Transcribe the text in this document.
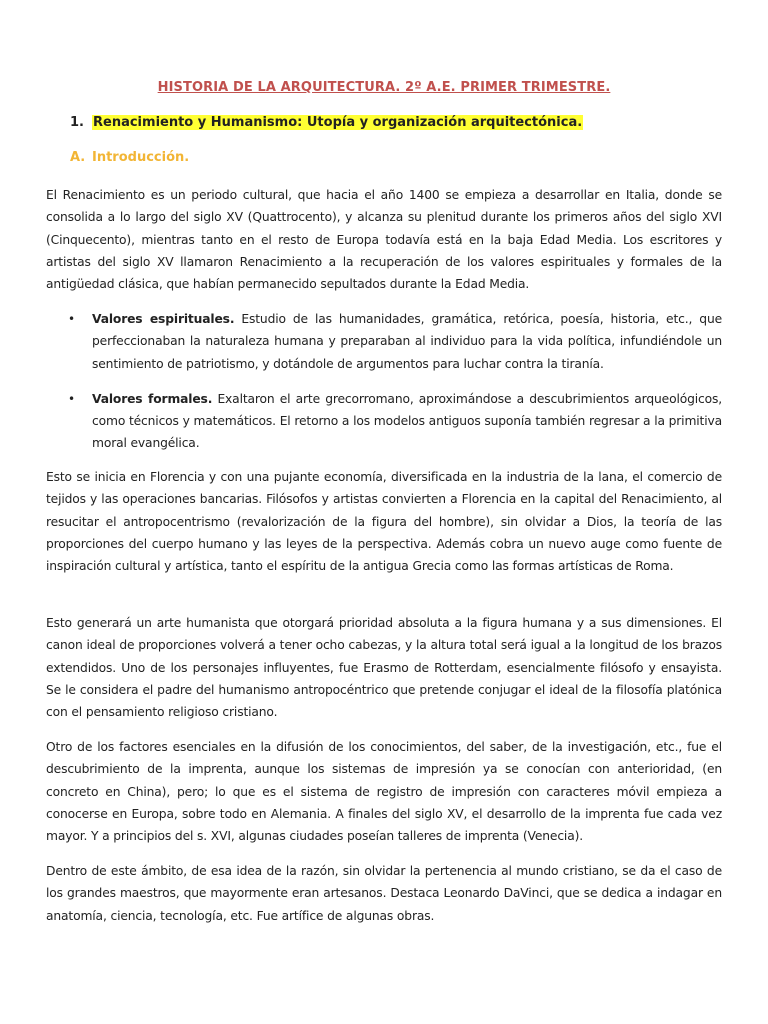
HISTORIA DE LA ARQUITECTURA. 2º A.E. PRIMER TRIMESTRE.
1. Renacimiento y Humanismo: Utopía y organización arquitectónica.
A. Introducción.

El Renacimiento es un periodo cultural, que hacia el año 1400 se empieza a desarrollar en Italia, donde se consolida a lo largo del siglo XV (Quattrocento), y alcanza su plenitud durante los primeros años del siglo XVI (Cinquecento), mientras tanto en el resto de Europa todavía está en la baja Edad Media. Los escritores y artistas del siglo XV llamaron Renacimiento a la recuperación de los valores espirituales y formales de la antigüedad clásica, que habían permanecido sepultados durante la Edad Media.

• Valores espirituales. Estudio de las humanidades, gramática, retórica, poesía, historia, etc., que perfeccionaban la naturaleza humana y preparaban al individuo para la vida política, infundiéndole un sentimiento de patriotismo, y dotándole de argumentos para luchar contra la tiranía.
• Valores formales. Exaltaron el arte grecorromano, aproximándose a descubrimientos arqueológicos, como técnicos y matemáticos. El retorno a los modelos antiguos suponía también regresar a la primitiva moral evangélica.

Esto se inicia en Florencia y con una pujante economía, diversificada en la industria de la lana, el comercio de tejidos y las operaciones bancarias. Filósofos y artistas convierten a Florencia en la capital del Renacimiento, al resucitar el antropocentrismo (revalorización de la figura del hombre), sin olvidar a Dios, la teoría de las proporciones del cuerpo humano y las leyes de la perspectiva. Además cobra un nuevo auge como fuente de inspiración cultural y artística, tanto el espíritu de la antigua Grecia como las formas artísticas de Roma.

Esto generará un arte humanista que otorgará prioridad absoluta a la figura humana y a sus dimensiones. El canon ideal de proporciones volverá a tener ocho cabezas, y la altura total será igual a la longitud de los brazos extendidos. Uno de los personajes influyentes, fue Erasmo de Rotterdam, esencialmente filósofo y ensayista. Se le considera el padre del humanismo antropocéntrico que pretende conjugar el ideal de la filosofía platónica con el pensamiento religioso cristiano.

Otro de los factores esenciales en la difusión de los conocimientos, del saber, de la investigación, etc., fue el descubrimiento de la imprenta, aunque los sistemas de impresión ya se conocían con anterioridad, (en concreto en China), pero; lo que es el sistema de registro de impresión con caracteres móvil empieza a conocerse en Europa, sobre todo en Alemania. A finales del siglo XV, el desarrollo de la imprenta fue cada vez mayor. Y a principios del s. XVI, algunas ciudades poseían talleres de imprenta (Venecia).

Dentro de este ámbito, de esa idea de la razón, sin olvidar la pertenencia al mundo cristiano, se da el caso de los grandes maestros, que mayormente eran artesanos. Destaca Leonardo DaVinci, que se dedica a indagar en anatomía, ciencia, tecnología, etc. Fue artífice de algunas obras.
